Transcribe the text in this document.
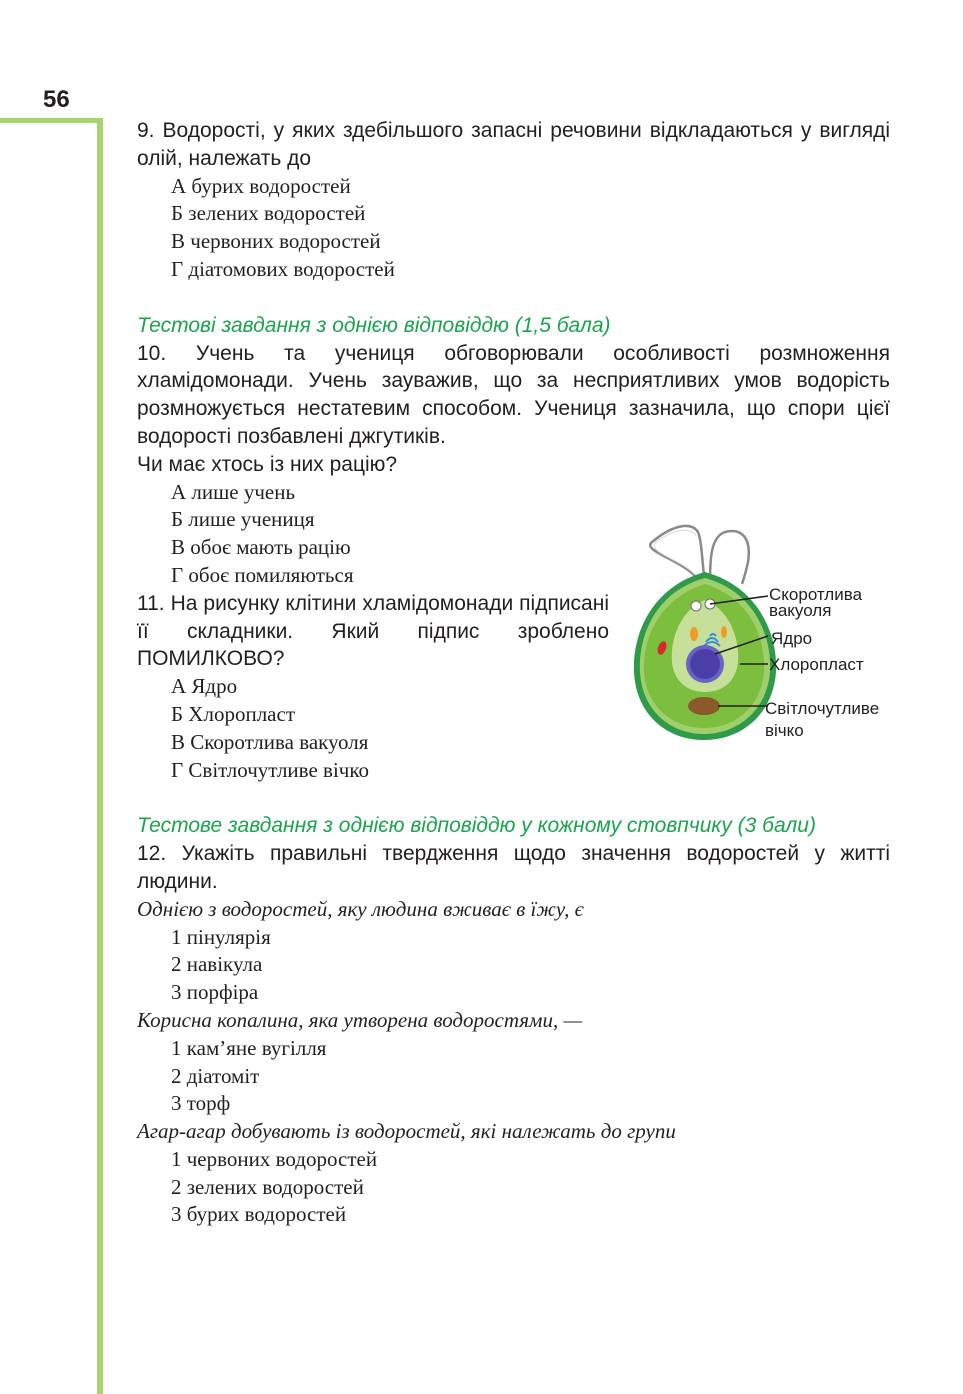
56
9. Водорості, у яких здебільшого запасні речовини відкладаються у вигляді олій, належать до
А бурих водоростей
Б зелених водоростей
В червоних водоростей
Г діатомових водоростей
Тестові завдання з однією відповіддю (1,5 бала)
10. Учень та учениця обговорювали особливості розмноження хламідомонади. Учень зауважив, що за несприятливих умов водорість розмножується нестатевим способом. Учениця зазначила, що спори цієї водорості позбавлені джгутиків.
Чи має хтось із них рацію?
А лише учень
Б лише учениця
В обоє мають рацію
Г обоє помиляються
11. На рисунку клітини хламідомонади підписані її складники. Який підпис зроблено ПОМИЛКОВО?
А Ядро
Б Хлоропласт
В Скоротлива вакуоля
Г Світлочутливе вічко
Тестове завдання з однією відповіддю у кожному стовпчику (3 бали)
12. Укажіть правильні твердження щодо значення водоростей у житті людини.
Однією з водоростей, яку людина вживає в їжу, є
1 пінулярія
2 навікула
3 порфіра
Корисна копалина, яка утворена водоростями, —
1 кам’яне вугілля
2 діатоміт
3 торф
Агар-агар добувають із водоростей, які належать до групи
1 червоних водоростей
2 зелених водоростей
3 бурих водоростей
Скоротлива
вакуоля
Ядро
Хлоропласт
Світлочутливе
вічко
